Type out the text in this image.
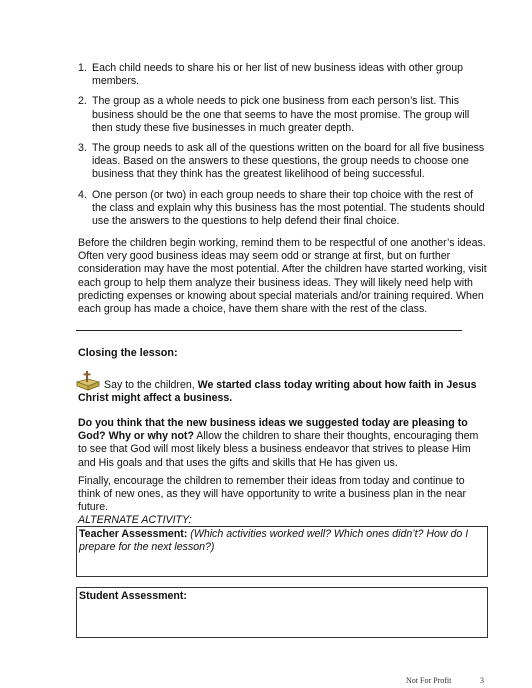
1. Each child needs to share his or her list of new business ideas with other group members.
2. The group as a whole needs to pick one business from each person’s list. This business should be the one that seems to have the most promise. The group will then study these five businesses in much greater depth.
3. The group needs to ask all of the questions written on the board for all five business ideas. Based on the answers to these questions, the group needs to choose one business that they think has the greatest likelihood of being successful.
4. One person (or two) in each group needs to share their top choice with the rest of the class and explain why this business has the most potential. The students should use the answers to the questions to help defend their final choice.

Before the children begin working, remind them to be respectful of one another’s ideas. Often very good business ideas may seem odd or strange at first, but on further consideration may have the most potential. After the children have started working, visit each group to help them analyze their business ideas. They will likely need help with predicting expenses or knowing about special materials and/or training required. When each group has made a choice, have them share with the rest of the class.

Closing the lesson:
Say to the children, We started class today writing about how faith in Jesus Christ might affect a business.

Do you think that the new business ideas we suggested today are pleasing to God? Why or why not? Allow the children to share their thoughts, encouraging them to see that God will most likely bless a business endeavor that strives to please Him and His goals and that uses the gifts and skills that He has given us.

Finally, encourage the children to remember their ideas from today and continue to think of new ones, as they will have opportunity to write a business plan in the near future.

ALTERNATE ACTIVITY:
Teacher Assessment: (Which activities worked well? Which ones didn’t? How do I prepare for the next lesson?)
Student Assessment:
Not For Profit	3
